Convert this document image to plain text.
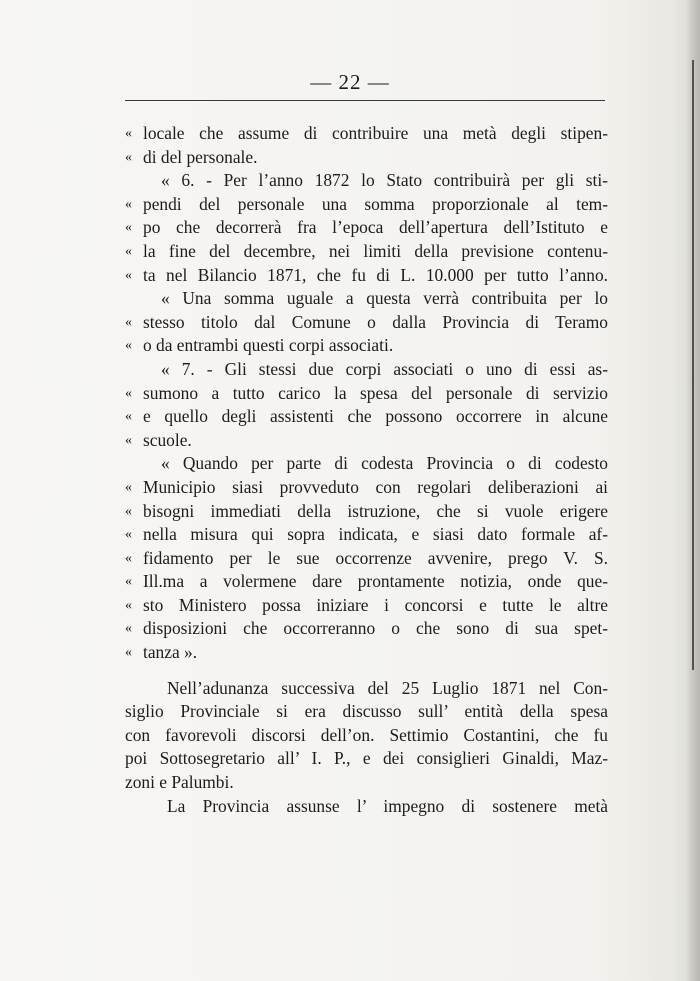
— 22 —
« locale che assume di contribuire una metà degli stipen-
« di del personale.
« 6. - Per l’anno 1872 lo Stato contribuirà per gli sti-
« pendi del personale una somma proporzionale al tem-
« po che decorrerà fra l’epoca dell’apertura dell’Istituto e
« la fine del decembre, nei limiti della previsione contenu-
« ta nel Bilancio 1871, che fu di L. 10.000 per tutto l’anno.
« Una somma uguale a questa verrà contribuita per lo
« stesso titolo dal Comune o dalla Provincia di Teramo
« o da entrambi questi corpi associati.
« 7. - Gli stessi due corpi associati o uno di essi as-
« sumono a tutto carico la spesa del personale di servizio
« e quello degli assistenti che possono occorrere in alcune
« scuole.
« Quando per parte di codesta Provincia o di codesto
« Municipio siasi provveduto con regolari deliberazioni ai
« bisogni immediati della istruzione, che si vuole erigere
« nella misura qui sopra indicata, e siasi dato formale af-
« fidamento per le sue occorrenze avvenire, prego V. S.
« Ill.ma a volermene dare prontamente notizia, onde que-
« sto Ministero possa iniziare i concorsi e tutte le altre
« disposizioni che occorreranno o che sono di sua spet-
« tanza ».
Nell’adunanza successiva del 25 Luglio 1871 nel Con-
siglio Provinciale si era discusso sull’ entità della spesa
con favorevoli discorsi dell’on. Settimio Costantini, che fu
poi Sottosegretario all’ I. P., e dei consiglieri Ginaldi, Maz-
zoni e Palumbi.
La Provincia assunse l’ impegno di sostenere metà
